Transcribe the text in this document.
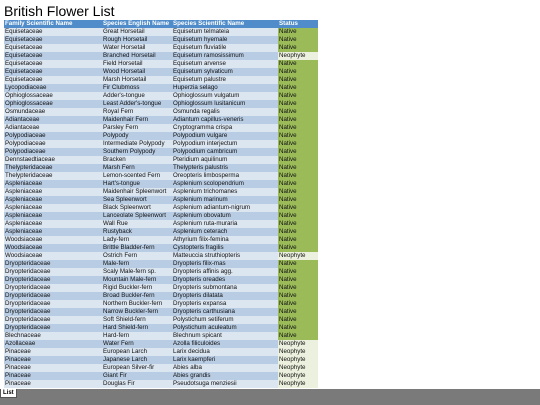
British Flower List
Family Scientific Name	Species English Name	Species Scientific Name	Status
Equisetaceae	Great Horsetail	Equisetum telmateia	Native
Equisetaceae	Rough Horsetail	Equisetum hyemale	Native
Equisetaceae	Water Horsetail	Equisetum fluviatile	Native
Equisetaceae	Branched Horsetail	Equisetum ramosissimum	Neophyte
Equisetaceae	Field Horsetail	Equisetum arvense	Native
Equisetaceae	Wood Horsetail	Equisetum sylvaticum	Native
Equisetaceae	Marsh Horsetail	Equisetum palustre	Native
Lycopodiaceae	Fir Clubmoss	Huperzia selago	Native
Ophioglossaceae	Adder's-tongue	Ophioglossum vulgatum	Native
Ophioglossaceae	Least Adder's-tongue	Ophioglossum lusitanicum	Native
Osmundaceae	Royal Fern	Osmunda regalis	Native
Adiantaceae	Maidenhair Fern	Adiantum capillus-veneris	Native
Adiantaceae	Parsley Fern	Cryptogramma crispa	Native
Polypodiaceae	Polypody	Polypodium vulgare	Native
Polypodiaceae	Intermediate Polypody	Polypodium interjectum	Native
Polypodiaceae	Southern Polypody	Polypodium cambricum	Native
Dennstaedtiaceae	Bracken	Pteridium aquilinum	Native
Thelypteridaceae	Marsh Fern	Thelypteris palustris	Native
Thelypteridaceae	Lemon-scented Fern	Oreopteris limbosperma	Native
Aspleniaceae	Hart's-tongue	Asplenium scolopendrium	Native
Aspleniaceae	Maidenhair Spleenwort	Asplenium trichomanes	Native
Aspleniaceae	Sea Spleenwort	Asplenium marinum	Native
Aspleniaceae	Black Spleenwort	Asplenium adiantum-nigrum	Native
Aspleniaceae	Lanceolate Spleenwort	Asplenium obovatum	Native
Aspleniaceae	Wall Rue	Asplenium ruta-muraria	Native
Aspleniaceae	Rustyback	Asplenium ceterach	Native
Woodsiaceae	Lady-fern	Athyrium filix-femina	Native
Woodsiaceae	Brittle Bladder-fern	Cystopteris fragilis	Native
Woodsiaceae	Ostrich Fern	Matteuccia struthiopteris	Neophyte
Dryopteridaceae	Male-fern	Dryopteris filix-mas	Native
Dryopteridaceae	Scaly Male-fern sp.	Dryopteris affinis agg.	Native
Dryopteridaceae	Mountain Male-fern	Dryopteris oreades	Native
Dryopteridaceae	Rigid Buckler-fern	Dryopteris submontana	Native
Dryopteridaceae	Broad Buckler-fern	Dryopteris dilatata	Native
Dryopteridaceae	Northern Buckler-fern	Dryopteris expansa	Native
Dryopteridaceae	Narrow Buckler-fern	Dryopteris carthusiana	Native
Dryopteridaceae	Soft Shield-fern	Polystichum setiferum	Native
Dryopteridaceae	Hard Shield-fern	Polystichum aculeatum	Native
Blechnaceae	Hard-fern	Blechnum spicant	Native
Azollaceae	Water Fern	Azolla filiculoides	Neophyte
Pinaceae	European Larch	Larix decidua	Neophyte
Pinaceae	Japanese Larch	Larix kaempferi	Neophyte
Pinaceae	European Silver-fir	Abies alba	Neophyte
Pinaceae	Giant Fir	Abies grandis	Neophyte
Pinaceae	Douglas Fir	Pseudotsuga menziesii	Neophyte
List
